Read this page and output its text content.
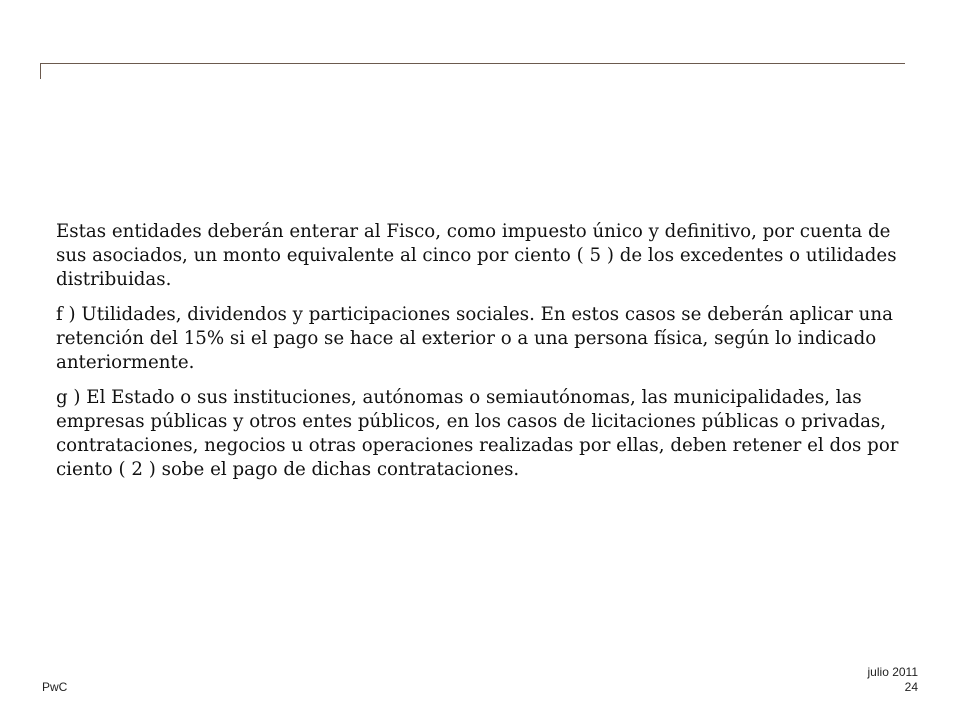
Estas entidades deberán enterar al Fisco, como impuesto único y definitivo, por cuenta de sus asociados, un monto equivalente al cinco por ciento ( 5 ) de los excedentes o utilidades distribuidas.

f ) Utilidades, dividendos y participaciones sociales. En estos casos se deberán aplicar una retención del 15% si el pago se hace al exterior o a una persona física, según lo indicado anteriormente.

g ) El Estado o sus instituciones, autónomas o semiautónomas, las municipalidades, las empresas públicas y otros entes públicos, en los casos de licitaciones públicas o privadas, contrataciones, negocios u otras operaciones realizadas por ellas, deben retener el dos por ciento ( 2 ) sobe el pago de dichas contrataciones.

PwC
julio 2011
24
